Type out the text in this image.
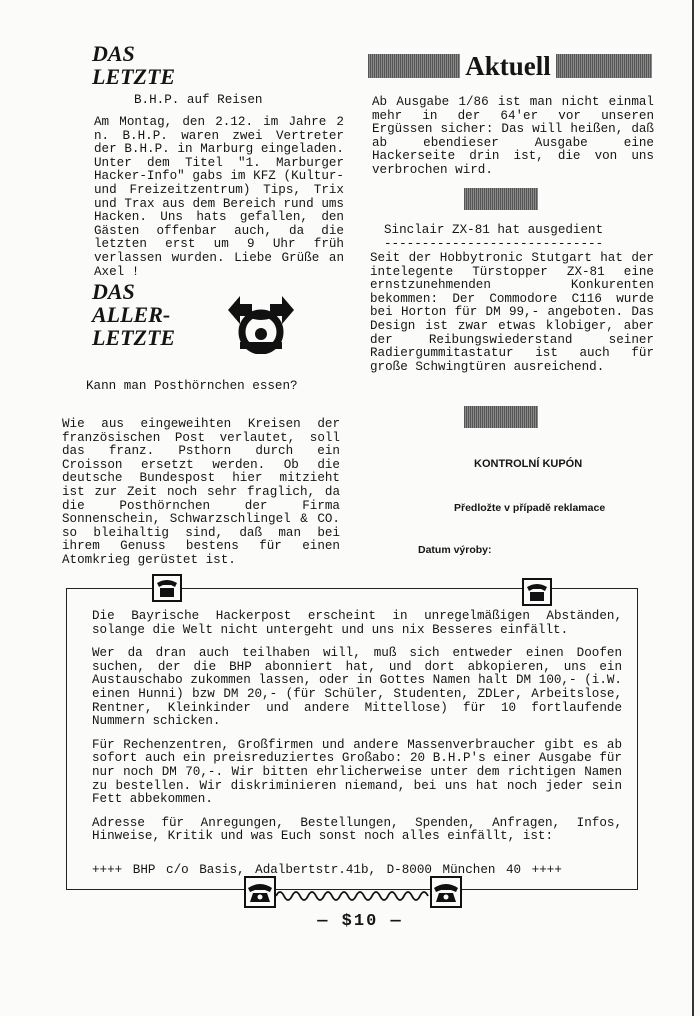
DAS
LETZTE
B.H.P. auf Reisen
Am Montag, den 2.12. im Jahre 2 n. B.H.P. waren zwei Vertreter der B.H.P. in Marburg eingeladen. Unter dem Titel "1. Marburger Hacker-Info" gabs im KFZ (Kultur- und Freizeitzentrum) Tips, Trix und Trax aus dem Bereich rund ums Hacken. Uns hats gefallen, den Gästen offenbar auch, da die letzten erst um 9 Uhr früh verlassen wurden. Liebe Grüße an Axel !
DAS
ALLER-
LETZTE
Kann man Posthörnchen essen?
Wie aus eingeweihten Kreisen der französischen Post verlautet, soll das franz. Psthorn durch ein Croisson ersetzt werden. Ob die deutsche Bundespost hier mitzieht ist zur Zeit noch sehr fraglich, da die Posthörnchen der Firma Sonnenschein, Schwarzschlingel & CO. so bleihaltig sind, daß man bei ihrem Genuss bestens für einen Atomkrieg gerüstet ist.
Aktuell
Ab Ausgabe 1/86 ist man nicht einmal mehr in der 64'er vor unseren Ergüssen sicher: Das will heißen, daß ab ebendieser Ausgabe eine Hackerseite drin ist, die von uns verbrochen wird.
Sinclair ZX-81 hat ausgedient
-----------------------------
Seit der Hobbytronic Stutgart hat der intelegente Türstopper ZX-81 eine ernstzunehmenden Konkurenten bekommen: Der Commodore C116 wurde bei Horton für DM 99,- angeboten. Das Design ist zwar etwas klobiger, aber der Reibungswiederstand seiner Radiergummitastatur ist auch für große Schwingtüren ausreichend.
KONTROLNÍ KUPÓN
Předložte v případě reklamace
Datum výroby:

Die Bayrische Hackerpost erscheint in unregelmäßigen Abständen, solange die Welt nicht untergeht und uns nix Besseres einfällt.

Wer da dran auch teilhaben will, muß sich entweder einen Doofen suchen, der die BHP abonniert hat, und dort abkopieren, uns ein Austauschabo zukommen lassen, oder in Gottes Namen halt DM 100,- (i.W. einen Hunni) bzw DM 20,- (für Schüler, Studenten, ZDLer, Arbeitslose, Rentner, Kleinkinder und andere Mittellose) für 10 fortlaufende Nummern schicken.

Für Rechenzentren, Großfirmen und andere Massenverbraucher gibt es ab sofort auch ein preisreduziertes Großabo: 20 B.H.P's einer Ausgabe für nur noch DM 70,-. Wir bitten ehrlicherweise unter dem richtigen Namen zu bestellen. Wir diskriminieren niemand, bei uns hat noch jeder sein Fett abbekommen.

Adresse für Anregungen, Bestellungen, Spenden, Anfragen, Infos, Hinweise, Kritik und was Euch sonst noch alles einfällt, ist:

++++ BHP c/o Basis, Adalbertstr.41b, D-8000 München 40 ++++
— $10 —
